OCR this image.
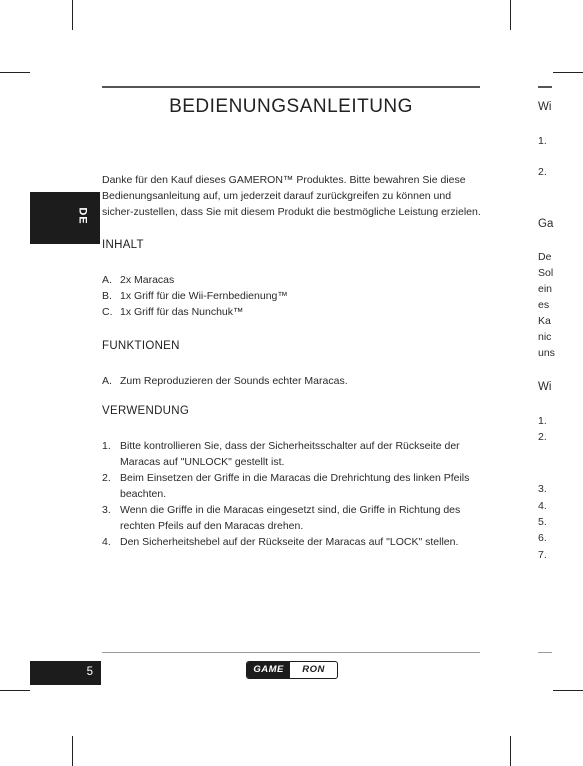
BEDIENUNGSANLEITUNG
DE
Danke für den Kauf dieses GAMERON™ Produktes. Bitte bewahren Sie diese Bedienungsanleitung auf, um jederzeit darauf zurückgreifen zu können und sicher-zustellen, dass Sie mit diesem Produkt die bestmögliche Leistung erzielen.
INHALT
A. 2x Maracas
B. 1x Griff für die Wii-Fernbedienung™
C. 1x Griff für das Nunchuk™
FUNKTIONEN
A. Zum Reproduzieren der Sounds echter Maracas.
VERWENDUNG
1. Bitte kontrollieren Sie, dass der Sicherheitsschalter auf der Rückseite der Maracas auf "UNLOCK" gestellt ist.
2. Beim Einsetzen der Griffe in die Maracas die Drehrichtung des linken Pfeils beachten.
3. Wenn die Griffe in die Maracas eingesetzt sind, die Griffe in Richtung des rechten Pfeils auf den Maracas drehen.
4. Den Sicherheitshebel auf der Rückseite der Maracas auf "LOCK" stellen.
5	GAME	RON
Wi
1.
2.
Ga
De
Sol
ein
es
Ka
nic
uns
Wi
1.
2.
3.
4.
5.
6.
7.
